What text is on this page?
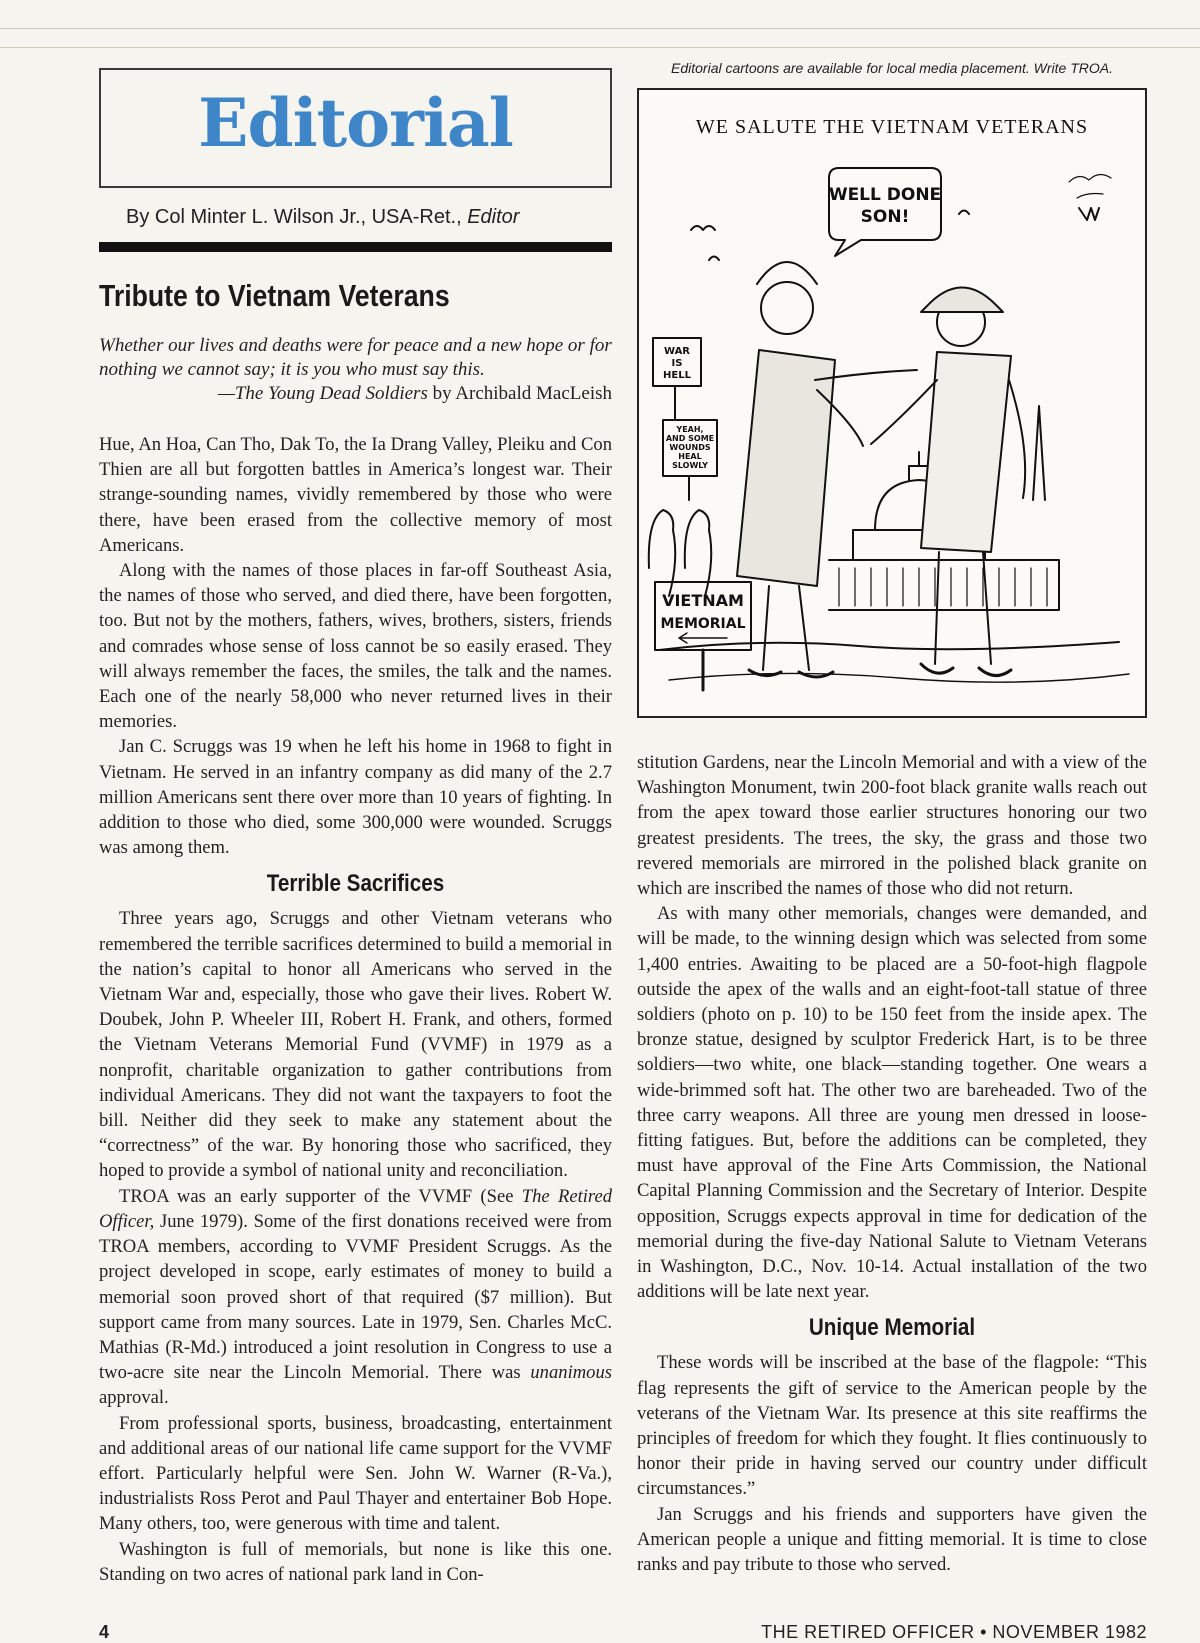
Editorial
By Col Minter L. Wilson Jr., USA-Ret., Editor
Tribute to Vietnam Veterans
Whether our lives and deaths were for peace and a new hope or for nothing we cannot say; it is you who must say this.
—The Young Dead Soldiers by Archibald MacLeish

Hue, An Hoa, Can Tho, Dak To, the Ia Drang Valley, Pleiku and Con Thien are all but forgotten battles in America’s longest war. Their strange-sounding names, vividly remembered by those who were there, have been erased from the collective memory of most Americans.

Along with the names of those places in far-off Southeast Asia, the names of those who served, and died there, have been forgotten, too. But not by the mothers, fathers, wives, brothers, sisters, friends and comrades whose sense of loss cannot be so easily erased. They will always remember the faces, the smiles, the talk and the names. Each one of the nearly 58,000 who never returned lives in their memories.

Jan C. Scruggs was 19 when he left his home in 1968 to fight in Vietnam. He served in an infantry company as did many of the 2.7 million Americans sent there over more than 10 years of fighting. In addition to those who died, some 300,000 were wounded. Scruggs was among them.

Terrible Sacrifices

Three years ago, Scruggs and other Vietnam veterans who remembered the terrible sacrifices determined to build a memorial in the nation’s capital to honor all Americans who served in the Vietnam War and, especially, those who gave their lives. Robert W. Doubek, John P. Wheeler III, Robert H. Frank, and others, formed the Vietnam Veterans Memorial Fund (VVMF) in 1979 as a nonprofit, charitable organization to gather contributions from individual Americans. They did not want the taxpayers to foot the bill. Neither did they seek to make any statement about the “correctness” of the war. By honoring those who sacrificed, they hoped to provide a symbol of national unity and reconciliation.

TROA was an early supporter of the VVMF (See The Retired Officer, June 1979). Some of the first donations received were from TROA members, according to VVMF President Scruggs. As the project developed in scope, early estimates of money to build a memorial soon proved short of that required ($7 million). But support came from many sources. Late in 1979, Sen. Charles McC. Mathias (R-Md.) introduced a joint resolution in Congress to use a two-acre site near the Lincoln Memorial. There was unanimous approval.

From professional sports, business, broadcasting, entertainment and additional areas of our national life came support for the VVMF effort. Particularly helpful were Sen. John W. Warner (R-Va.), industrialists Ross Perot and Paul Thayer and entertainer Bob Hope. Many others, too, were generous with time and talent.

Washington is full of memorials, but none is like this one. Standing on two acres of national park land in Con-

Editorial cartoons are available for local media placement. Write TROA.
WE SALUTE THE VIETNAM VETERANS
WELL DONE
SON!
WAR
IS
HELL
YEAH,
AND SOME
WOUNDS
HEAL
SLOWLY
VIETNAM
MEMORIAL

stitution Gardens, near the Lincoln Memorial and with a view of the Washington Monument, twin 200-foot black granite walls reach out from the apex toward those earlier structures honoring our two greatest presidents. The trees, the sky, the grass and those two revered memorials are mirrored in the polished black granite on which are inscribed the names of those who did not return.

As with many other memorials, changes were demanded, and will be made, to the winning design which was selected from some 1,400 entries. Awaiting to be placed are a 50-foot-high flagpole outside the apex of the walls and an eight-foot-tall statue of three soldiers (photo on p. 10) to be 150 feet from the inside apex. The bronze statue, designed by sculptor Frederick Hart, is to be three soldiers—two white, one black—standing together. One wears a wide-brimmed soft hat. The other two are bareheaded. Two of the three carry weapons. All three are young men dressed in loose-fitting fatigues. But, before the additions can be completed, they must have approval of the Fine Arts Commission, the National Capital Planning Commission and the Secretary of Interior. Despite opposition, Scruggs expects approval in time for dedication of the memorial during the five-day National Salute to Vietnam Veterans in Washington, D.C., Nov. 10-14. Actual installation of the two additions will be late next year.

Unique Memorial

These words will be inscribed at the base of the flagpole: “This flag represents the gift of service to the American people by the veterans of the Vietnam War. Its presence at this site reaffirms the principles of freedom for which they fought. It flies continuously to honor their pride in having served our country under difficult circumstances.”

Jan Scruggs and his friends and supporters have given the American people a unique and fitting memorial. It is time to close ranks and pay tribute to those who served.

4	THE RETIRED OFFICER • NOVEMBER 1982
